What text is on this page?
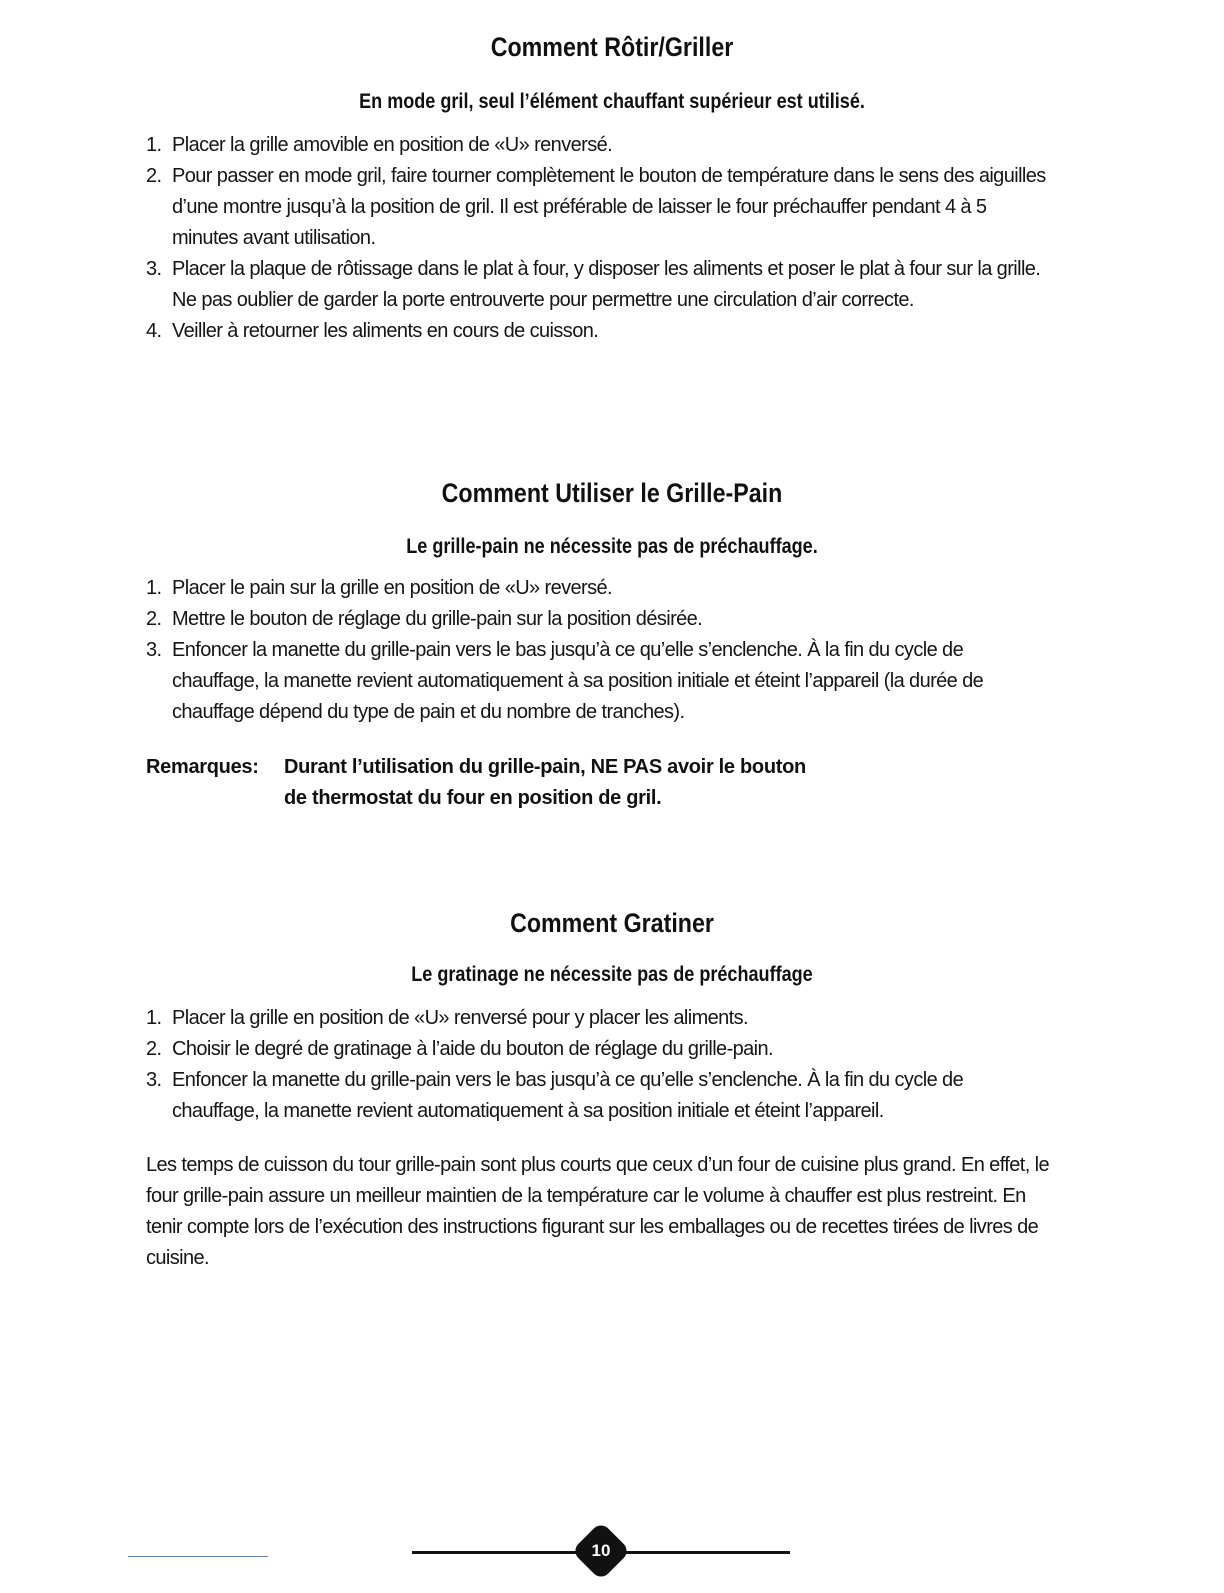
Comment Rôtir/Griller
En mode gril, seul l’élément chauffant supérieur est utilisé.
1. Placer la grille amovible en position de «U» renversé.
2. Pour passer en mode gril, faire tourner complètement le bouton de température dans le sens des aiguilles d’une montre jusqu’à la position de gril. Il est préférable de laisser le four préchauffer pendant 4 à 5 minutes avant utilisation.
3. Placer la plaque de rôtissage dans le plat à four, y disposer les aliments et poser le plat à four sur la grille. Ne pas oublier de garder la porte entrouverte pour permettre une circulation d’air correcte.
4. Veiller à retourner les aliments en cours de cuisson.
Comment Utiliser le Grille-Pain
Le grille-pain ne nécessite pas de préchauffage.
1. Placer le pain sur la grille en position de «U» reversé.
2. Mettre le bouton de réglage du grille-pain sur la position désirée.
3. Enfoncer la manette du grille-pain vers le bas jusqu’à ce qu’elle s’enclenche. À la fin du cycle de chauffage, la manette revient automatiquement à sa position initiale et éteint l’appareil (la durée de chauffage dépend du type de pain et du nombre de tranches).
Remarques: Durant l’utilisation du grille-pain, NE PAS avoir le bouton
de thermostat du four en position de gril.
Comment Gratiner
Le gratinage ne nécessite pas de préchauffage
1. Placer la grille en position de «U» renversé pour y placer les aliments.
2. Choisir le degré de gratinage à l’aide du bouton de réglage du grille-pain.
3. Enfoncer la manette du grille-pain vers le bas jusqu’à ce qu’elle s’enclenche. À la fin du cycle de chauffage, la manette revient automatiquement à sa position initiale et éteint l’appareil.

Les temps de cuisson du tour grille-pain sont plus courts que ceux d’un four de cuisine plus grand. En effet, le four grille-pain assure un meilleur maintien de la température car le volume à chauffer est plus restreint. En tenir compte lors de l’exécution des instructions figurant sur les emballages ou de recettes tirées de livres de cuisine.

10
